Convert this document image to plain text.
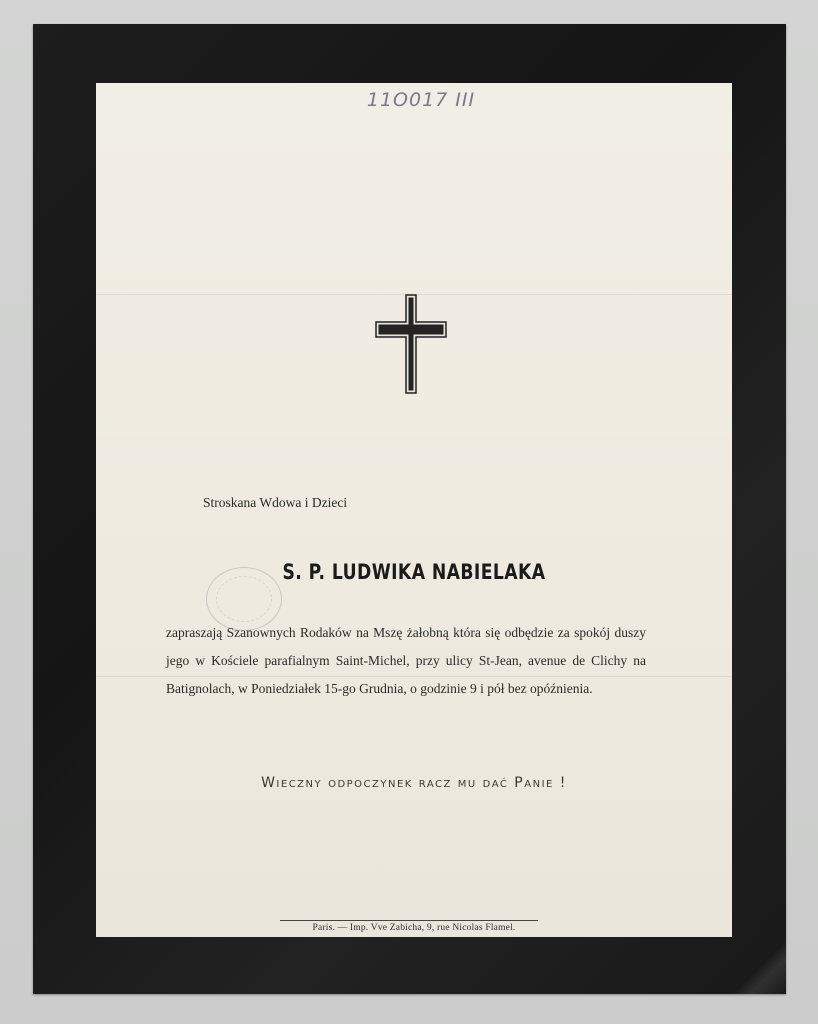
11O017 III
Stroskana Wdowa i Dzieci
S. P. LUDWIKA NABIELAKA
zapraszają Szanownych Rodaków na Mszę żałobną która się odbędzie za spokój duszy jego w Kościele parafialnym Saint-Michel, przy ulicy St-Jean, avenue de Clichy na Batignolach, w Poniedziałek 15-go Grudnia, o godzinie 9 i pół bez opóźnienia.
Wieczny odpoczynek racz mu dać Panie !
Paris. — Imp. Vve Zabicha, 9, rue Nicolas Flamel.
